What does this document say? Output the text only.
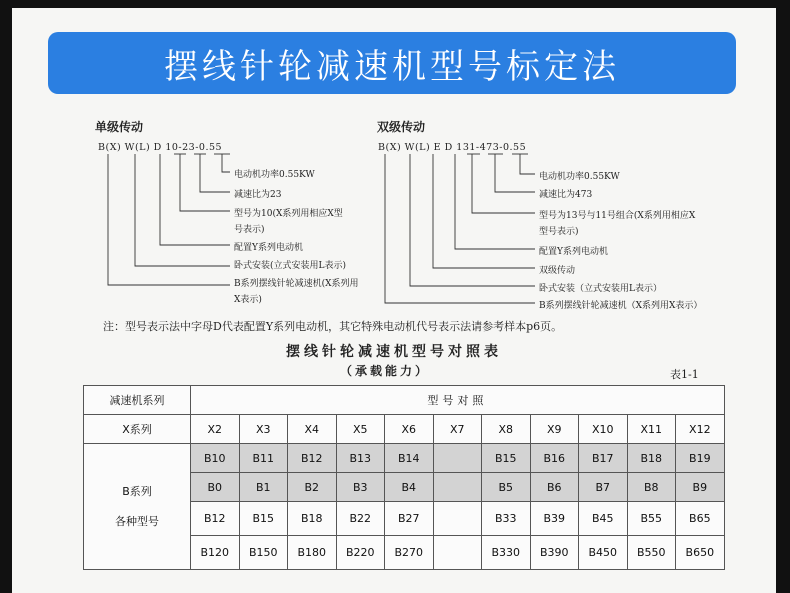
摆线针轮减速机型号标定法
单级传动
B(X) W(L) D 10-23-0.55
电动机功率0.55KW
减速比为23
型号为10(X系列用相应X型
号表示)
配置Y系列电动机
卧式安装(立式安装用L表示)
B系列摆线针轮减速机(X系列用
X表示)
双级传动
B(X) W(L) E D 131-473-0.55
电动机功率0.55KW
减速比为473
型号为13号与11号组合(X系列用相应X
型号表示)
配置Y系列电动机
双级传动
卧式安装（立式安装用L表示）
B系列摆线针轮减速机（X系列用X表示）
注：型号表示法中字母D代表配置Y系列电动机，其它特殊电动机代号表示法请参考样本p6页。
摆线针轮减速机型号对照表
（承载能力）	表1-1
减速机系列	型号对照										
X系列	X2	X3	X4	X5	X6	X7	X8	X9	X10	X11	X12

B系列
各种型号	B10	B11	B12	B13	B14		B15	B16	B17	B18	B19
	B0	B1	B2	B3	B4		B5	B6	B7	B8	B9
	B12	B15	B18	B22	B27		B33	B39	B45	B55	B65
	B120	B150	B180	B220	B270		B330	B390	B450	B550	B650
